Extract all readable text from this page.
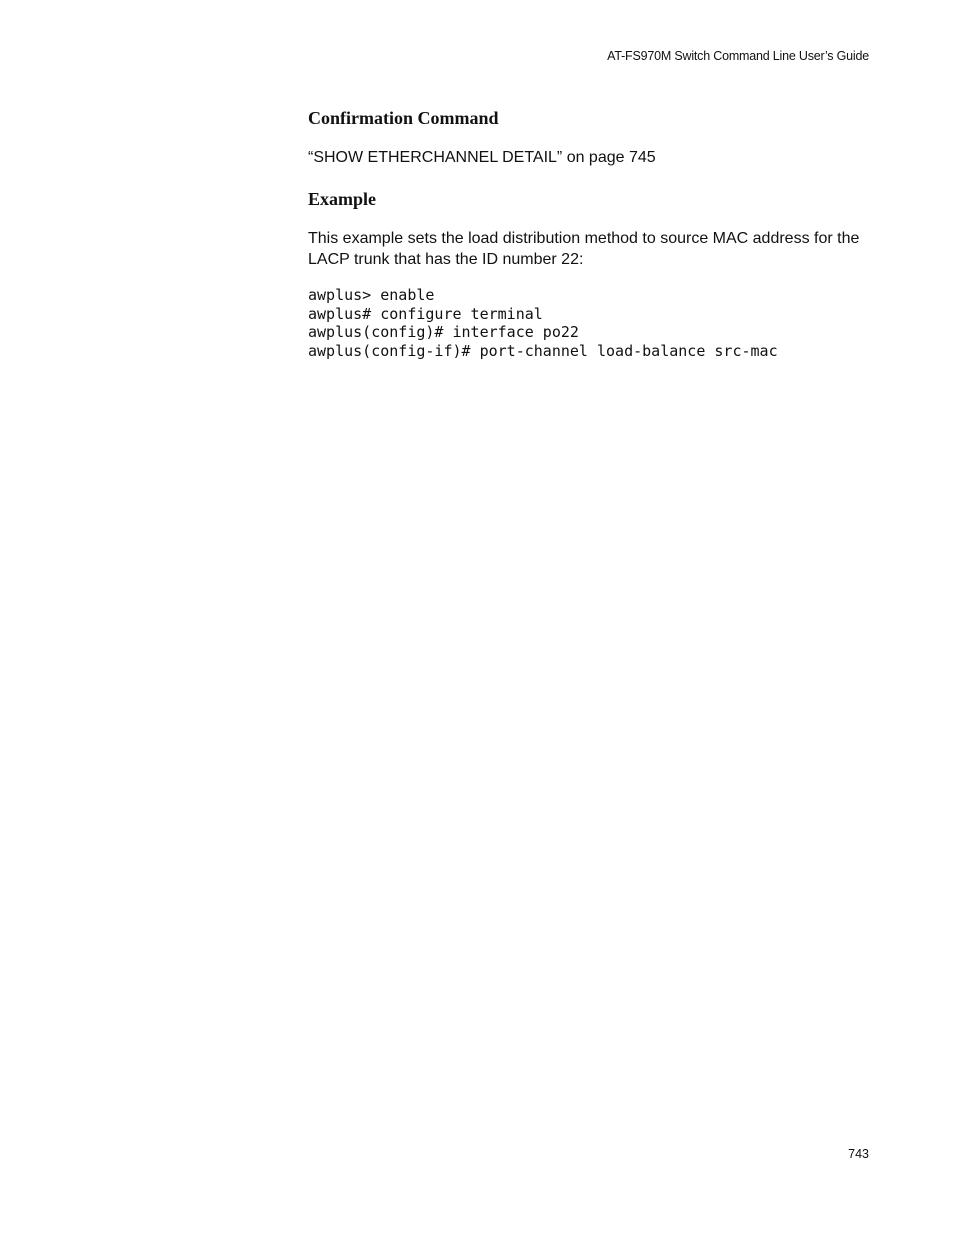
AT-FS970M Switch Command Line User’s Guide
Confirmation Command
“SHOW ETHERCHANNEL DETAIL” on page 745
Example
This example sets the load distribution method to source MAC address for the LACP trunk that has the ID number 22:
awplus> enable
awplus# configure terminal
awplus(config)# interface po22
awplus(config-if)# port-channel load-balance src-mac
743
